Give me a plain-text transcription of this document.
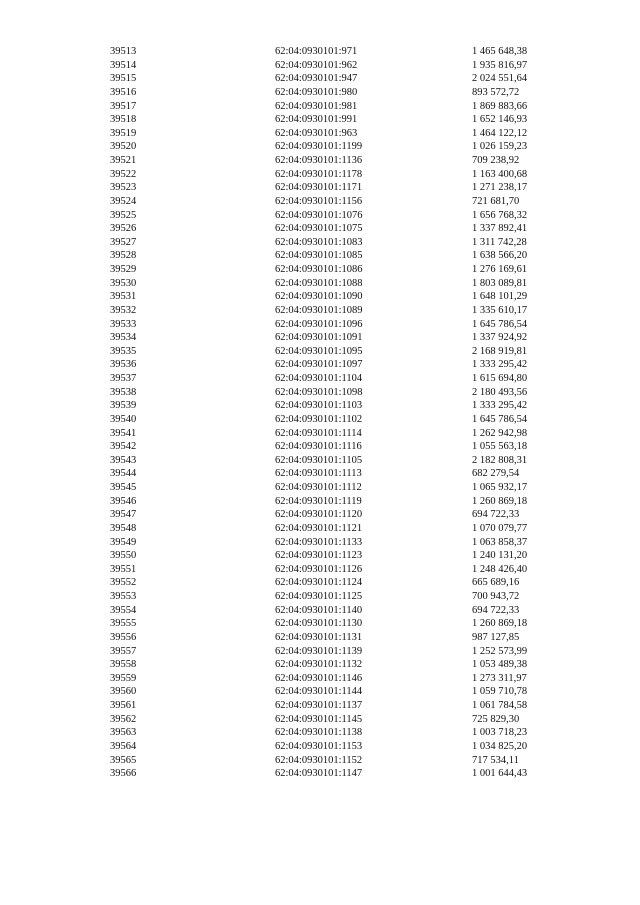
39513	62:04:0930101:971	1 465 648,38
39514	62:04:0930101:962	1 935 816,97
39515	62:04:0930101:947	2 024 551,64
39516	62:04:0930101:980	893 572,72
39517	62:04:0930101:981	1 869 883,66
39518	62:04:0930101:991	1 652 146,93
39519	62:04:0930101:963	1 464 122,12
39520	62:04:0930101:1199	1 026 159,23
39521	62:04:0930101:1136	709 238,92
39522	62:04:0930101:1178	1 163 400,68
39523	62:04:0930101:1171	1 271 238,17
39524	62:04:0930101:1156	721 681,70
39525	62:04:0930101:1076	1 656 768,32
39526	62:04:0930101:1075	1 337 892,41
39527	62:04:0930101:1083	1 311 742,28
39528	62:04:0930101:1085	1 638 566,20
39529	62:04:0930101:1086	1 276 169,61
39530	62:04:0930101:1088	1 803 089,81
39531	62:04:0930101:1090	1 648 101,29
39532	62:04:0930101:1089	1 335 610,17
39533	62:04:0930101:1096	1 645 786,54
39534	62:04:0930101:1091	1 337 924,92
39535	62:04:0930101:1095	2 168 919,81
39536	62:04:0930101:1097	1 333 295,42
39537	62:04:0930101:1104	1 615 694,80
39538	62:04:0930101:1098	2 180 493,56
39539	62:04:0930101:1103	1 333 295,42
39540	62:04:0930101:1102	1 645 786,54
39541	62:04:0930101:1114	1 262 942,98
39542	62:04:0930101:1116	1 055 563,18
39543	62:04:0930101:1105	2 182 808,31
39544	62:04:0930101:1113	682 279,54
39545	62:04:0930101:1112	1 065 932,17
39546	62:04:0930101:1119	1 260 869,18
39547	62:04:0930101:1120	694 722,33
39548	62:04:0930101:1121	1 070 079,77
39549	62:04:0930101:1133	1 063 858,37
39550	62:04:0930101:1123	1 240 131,20
39551	62:04:0930101:1126	1 248 426,40
39552	62:04:0930101:1124	665 689,16
39553	62:04:0930101:1125	700 943,72
39554	62:04:0930101:1140	694 722,33
39555	62:04:0930101:1130	1 260 869,18
39556	62:04:0930101:1131	987 127,85
39557	62:04:0930101:1139	1 252 573,99
39558	62:04:0930101:1132	1 053 489,38
39559	62:04:0930101:1146	1 273 311,97
39560	62:04:0930101:1144	1 059 710,78
39561	62:04:0930101:1137	1 061 784,58
39562	62:04:0930101:1145	725 829,30
39563	62:04:0930101:1138	1 003 718,23
39564	62:04:0930101:1153	1 034 825,20
39565	62:04:0930101:1152	717 534,11
39566	62:04:0930101:1147	1 001 644,43
